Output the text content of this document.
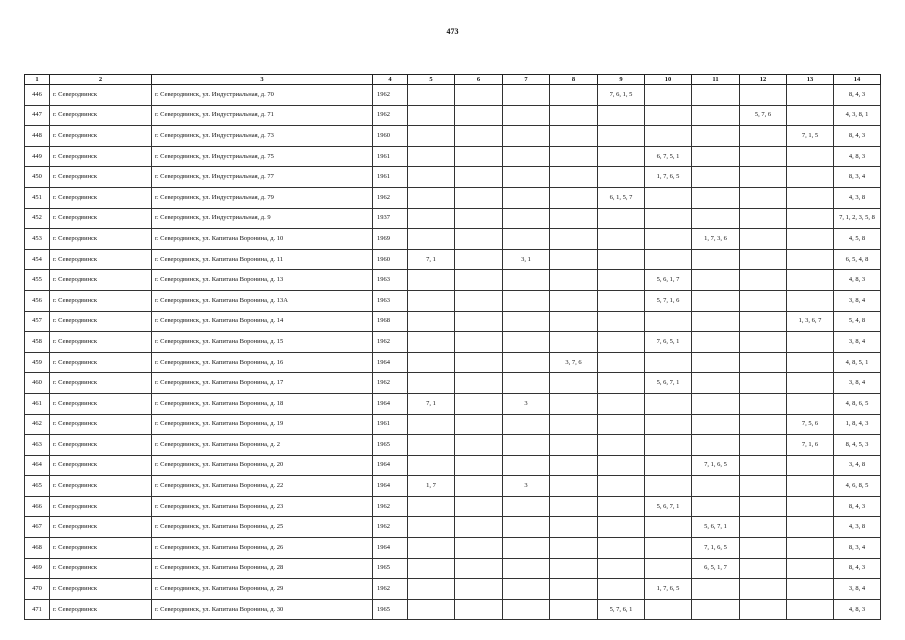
473
1	2	3	4	5	6	7	8	9	10	11	12	13	14
446	г. Северодвинск	г. Северодвинск, ул. Индустриальная, д. 70	1962					7, 6, 1, 5					8, 4, 3
447	г. Северодвинск	г. Северодвинск, ул. Индустриальная, д. 71	1962								5, 7, 6		4, 3, 8, 1
448	г. Северодвинск	г. Северодвинск, ул. Индустриальная, д. 73	1960									7, 1, 5	8, 4, 3
449	г. Северодвинск	г. Северодвинск, ул. Индустриальная, д. 75	1961						6, 7, 5, 1				4, 8, 3
450	г. Северодвинск	г. Северодвинск, ул. Индустриальная, д. 77	1961						1, 7, 6, 5				8, 3, 4
451	г. Северодвинск	г. Северодвинск, ул. Индустриальная, д. 79	1962					6, 1, 5, 7					4, 3, 8
452	г. Северодвинск	г. Северодвинск, ул. Индустриальная, д. 9	1937										7, 1, 2, 3, 5, 8
453	г. Северодвинск	г. Северодвинск, ул. Капитана Воронина, д. 10	1969							1, 7, 3, 6			4, 5, 8
454	г. Северодвинск	г. Северодвинск, ул. Капитана Воронина, д. 11	1960	7, 1		3, 1							6, 5, 4, 8
455	г. Северодвинск	г. Северодвинск, ул. Капитана Воронина, д. 13	1963						5, 6, 1, 7				4, 8, 3
456	г. Северодвинск	г. Северодвинск, ул. Капитана Воронина, д. 13А	1963						5, 7, 1, 6				3, 8, 4
457	г. Северодвинск	г. Северодвинск, ул. Капитана Воронина, д. 14	1968									1, 3, 6, 7	5, 4, 8
458	г. Северодвинск	г. Северодвинск, ул. Капитана Воронина, д. 15	1962						7, 6, 5, 1				3, 8, 4
459	г. Северодвинск	г. Северодвинск, ул. Капитана Воронина, д. 16	1964				3, 7, 6						4, 8, 5, 1
460	г. Северодвинск	г. Северодвинск, ул. Капитана Воронина, д. 17	1962						5, 6, 7, 1				3, 8, 4
461	г. Северодвинск	г. Северодвинск, ул. Капитана Воронина, д. 18	1964	7, 1		3							4, 8, 6, 5
462	г. Северодвинск	г. Северодвинск, ул. Капитана Воронина, д. 19	1961									7, 5, 6	1, 8, 4, 3
463	г. Северодвинск	г. Северодвинск, ул. Капитана Воронина, д. 2	1965									7, 1, 6	8, 4, 5, 3
464	г. Северодвинск	г. Северодвинск, ул. Капитана Воронина, д. 20	1964							7, 1, 6, 5			3, 4, 8
465	г. Северодвинск	г. Северодвинск, ул. Капитана Воронина, д. 22	1964	1, 7		3							4, 6, 8, 5
466	г. Северодвинск	г. Северодвинск, ул. Капитана Воронина, д. 23	1962						5, 6, 7, 1				8, 4, 3
467	г. Северодвинск	г. Северодвинск, ул. Капитана Воронина, д. 25	1962							5, 6, 7, 1			4, 3, 8
468	г. Северодвинск	г. Северодвинск, ул. Капитана Воронина, д. 26	1964							7, 1, 6, 5			8, 3, 4
469	г. Северодвинск	г. Северодвинск, ул. Капитана Воронина, д. 28	1965							6, 5, 1, 7			8, 4, 3
470	г. Северодвинск	г. Северодвинск, ул. Капитана Воронина, д. 29	1962						1, 7, 6, 5				3, 8, 4
471	г. Северодвинск	г. Северодвинск, ул. Капитана Воронина, д. 30	1965					5, 7, 6, 1					4, 8, 3
